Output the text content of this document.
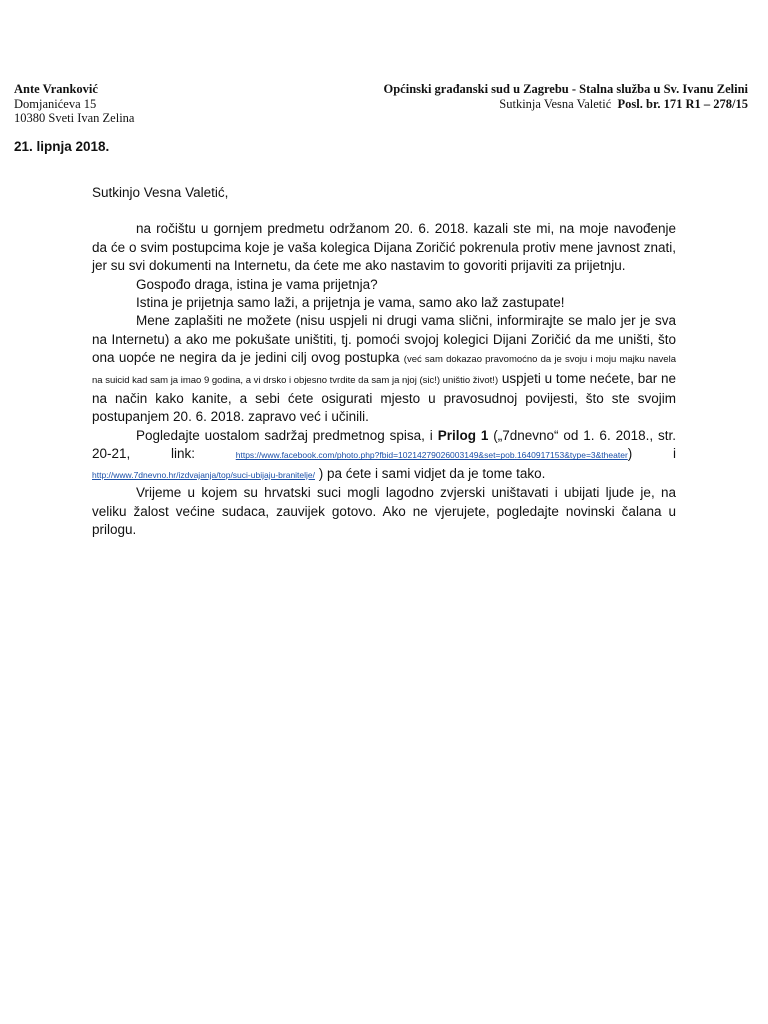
Ante Vranković
Domjanićeva 15
10380 Sveti Ivan Zelina
Općinski građanski sud u Zagrebu - Stalna služba u Sv. Ivanu Zelini
Sutkinja Vesna Valetić Posl. br. 171 R1 – 278/15
21. lipnja 2018.

Sutkinjo Vesna Valetić,

na ročištu u gornjem predmetu održanom 20. 6. 2018. kazali ste mi, na moje navođenje da će o svim postupcima koje je vaša kolegica Dijana Zoričić pokrenula protiv mene javnost znati, jer su svi dokumenti na Internetu, da ćete me ako nastavim to govoriti prijaviti za prijetnju.

Gospođo draga, istina je vama prijetnja?

Istina je prijetnja samo laži, a prijetnja je vama, samo ako laž zastupate!

Mene zaplašiti ne možete (nisu uspjeli ni drugi vama slični, informirajte se malo jer je sva na Internetu) a ako me pokušate uništiti, tj. pomoći svojoj kolegici Dijani Zoričić da me uništi, što ona uopće ne negira da je jedini cilj ovog postupka (već sam dokazao pravomoćno da je svoju i moju majku navela na suicid kad sam ja imao 9 godina, a vi drsko i objesno tvrdite da sam ja njoj (sic!) uništio život!) uspjeti u tome nećete, bar ne na način kako kanite, a sebi ćete osigurati mjesto u pravosudnoj povijesti, što ste svojim postupanjem 20. 6. 2018. zapravo već i učinili.

Pogledajte uostalom sadržaj predmetnog spisa, i Prilog 1 („7dnevno“ od 1. 6. 2018., str. 20-21, link:	https://www.facebook.com/photo.php?fbid=10214279026003149&set=pob.1640917153&type=3&theater) i http://www.7dnevno.hr/izdvajanja/top/suci-ubijaju-branitelje/ ) pa ćete i sami vidjet da je tome tako.

Vrijeme u kojem su hrvatski suci mogli lagodno zvjerski uništavati i ubijati ljude je, na veliku žalost većine sudaca, zauvijek gotovo. Ako ne vjerujete, pogledajte novinski čalana u prilogu.
